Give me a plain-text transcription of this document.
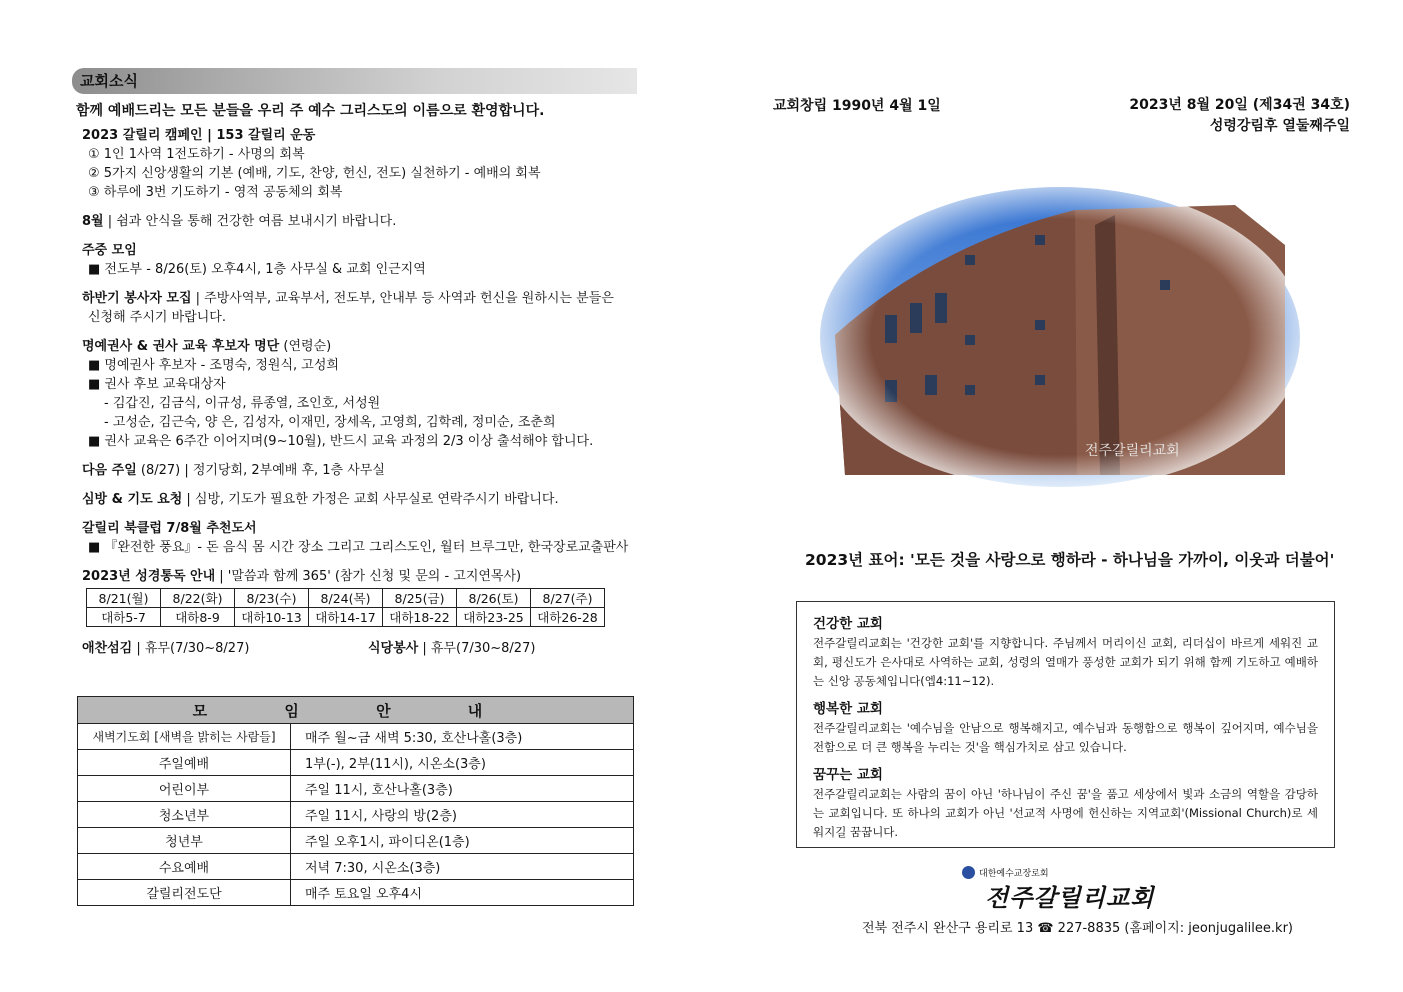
교회소식
함께 예배드리는 모든 분들을 우리 주 예수 그리스도의 이름으로 환영합니다.
2023 갈릴리 캠페인 | 153 갈릴리 운동
① 1인 1사역 1전도하기 - 사명의 회복
② 5가지 신앙생활의 기본 (예배, 기도, 찬양, 헌신, 전도) 실천하기 - 예배의 회복
③ 하루에 3번 기도하기 - 영적 공동체의 회복
8월 | 쉼과 안식을 통해 건강한 여름 보내시기 바랍니다.
주중 모임
■ 전도부 - 8/26(토) 오후4시, 1층 사무실 & 교회 인근지역
하반기 봉사자 모집 | 주방사역부, 교육부서, 전도부, 안내부 등 사역과 헌신을 원하시는 분들은
신청해 주시기 바랍니다.
명예권사 & 권사 교육 후보자 명단 (연령순)
■ 명예권사 후보자 - 조명숙, 정원식, 고성희
■ 권사 후보 교육대상자
- 김갑진, 김금식, 이규성, 류종열, 조인호, 서성원
- 고성순, 김근숙, 양 은, 김성자, 이재민, 장세옥, 고영희, 김학례, 정미순, 조춘희
■ 권사 교육은 6주간 이어지며(9~10월), 반드시 교육 과정의 2/3 이상 출석해야 합니다.
다음 주일 (8/27) | 정기당회, 2부예배 후, 1층 사무실
심방 & 기도 요청 | 심방, 기도가 필요한 가정은 교회 사무실로 연락주시기 바랍니다.
갈릴리 북클럽 7/8월 추천도서
■ 『완전한 풍요』- 돈 음식 몸 시간 장소 그리고 그리스도인, 월터 브루그만, 한국장로교출판사
2023년 성경통독 안내 | '말씀과 함께 365' (참가 신청 및 문의 - 고지연목사)
8/21(월)	8/22(화)	8/23(수)	8/24(목)	8/25(금)	8/26(토)	8/27(주)
대하5-7	대하8-9	대하10-13	대하14-17	대하18-22	대하23-25	대하26-28
애찬섬김 | 휴무(7/30~8/27)	식당봉사 | 휴무(7/30~8/27)
모 임 안 내	
새벽기도회 [새벽을 밝히는 사람들]	매주 월~금 새벽 5:30, 호산나홀(3층)
주일예배	1부(-), 2부(11시), 시온소(3층)
어린이부	주일 11시, 호산나홀(3층)
청소년부	주일 11시, 사랑의 방(2층)
청년부	주일 오후1시, 파이디온(1층)
수요예배	저녁 7:30, 시온소(3층)
갈릴리전도단	매주 토요일 오후4시
교회창립 1990년 4월 1일	2023년 8월 20일 (제34권 34호)
성령강림후 열둘째주일
2023년 표어: '모든 것을 사랑으로 행하라 - 하나님을 가까이, 이웃과 더불어'
건강한 교회
전주갈릴리교회는 '건강한 교회'를 지향합니다. 주님께서 머리이신 교회, 리더십이 바르게 세워진 교회, 평신도가 은사대로 사역하는 교회, 성령의 열매가 풍성한 교회가 되기 위해 함께 기도하고 예배하는 신앙 공동체입니다(엡4:11~12).
행복한 교회
전주갈릴리교회는 '예수님을 안남으로 행복해지고, 예수님과 동행함으로 행복이 깊어지며, 예수님을 전함으로 더 큰 행복을 누리는 것'을 핵심가치로 삼고 있습니다.
꿈꾸는 교회
전주갈릴리교회는 사람의 꿈이 아닌 '하나님이 주신 꿈'을 품고 세상에서 빛과 소금의 역할을 감당하는 교회입니다. 또 하나의 교회가 아닌 '선교적 사명에 헌신하는 지역교회'(Missional Church)로 세워지길 꿈꿉니다.
대한예수교장로회
전주갈릴리교회
전북 전주시 완산구 용리로 13 ☎ 227-8835 (홈페이지: jeonjugalilee.kr)
